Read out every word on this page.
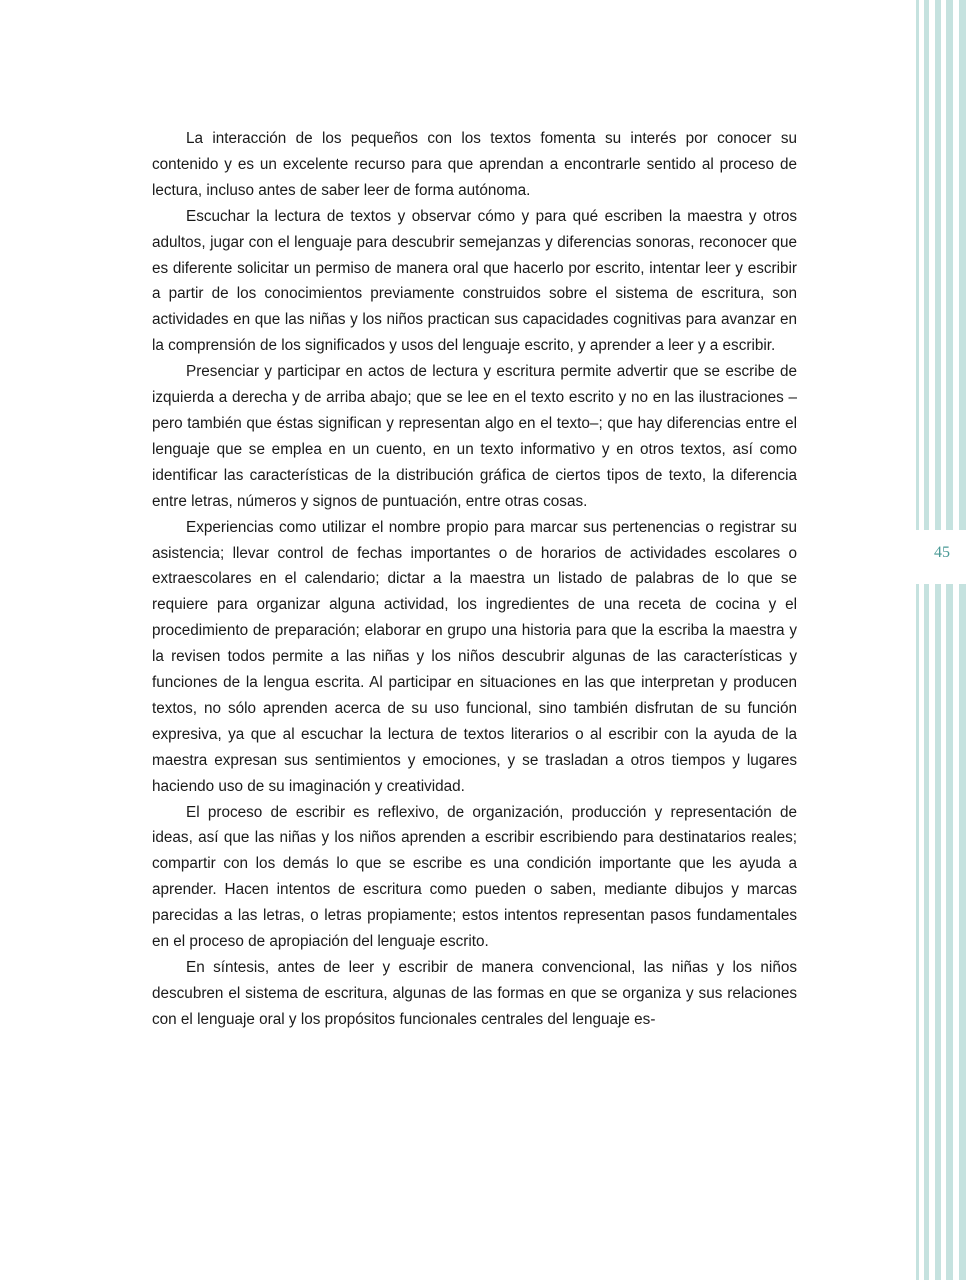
La interacción de los pequeños con los textos fomenta su interés por conocer su contenido y es un excelente recurso para que aprendan a encontrarle sentido al proceso de lectura, incluso antes de saber leer de forma autónoma.

Escuchar la lectura de textos y observar cómo y para qué escriben la maestra y otros adultos, jugar con el lenguaje para descubrir semejanzas y diferencias sonoras, reconocer que es diferente solicitar un permiso de manera oral que hacerlo por escrito, intentar leer y escribir a partir de los conocimientos previamente construidos sobre el sistema de escritura, son actividades en que las niñas y los niños practican sus capacidades cognitivas para avanzar en la comprensión de los significados y usos del lenguaje escrito, y aprender a leer y a escribir.

Presenciar y participar en actos de lectura y escritura permite advertir que se escribe de izquierda a derecha y de arriba abajo; que se lee en el texto escrito y no en las ilustraciones –pero también que éstas significan y representan algo en el texto–; que hay diferencias entre el lenguaje que se emplea en un cuento, en un texto informativo y en otros textos, así como identificar las características de la distribución gráfica de ciertos tipos de texto, la diferencia entre letras, números y signos de puntuación, entre otras cosas.

Experiencias como utilizar el nombre propio para marcar sus pertenencias o registrar su asistencia; llevar control de fechas importantes o de horarios de actividades escolares o extraescolares en el calendario; dictar a la maestra un listado de palabras de lo que se requiere para organizar alguna actividad, los ingredientes de una receta de cocina y el procedimiento de preparación; elaborar en grupo una historia para que la escriba la maestra y la revisen todos permite a las niñas y los niños descubrir algunas de las características y funciones de la lengua escrita. Al participar en situaciones en las que interpretan y producen textos, no sólo aprenden acerca de su uso funcional, sino también disfrutan de su función expresiva, ya que al escuchar la lectura de textos literarios o al escribir con la ayuda de la maestra expresan sus sentimientos y emociones, y se trasladan a otros tiempos y lugares haciendo uso de su imaginación y creatividad.

El proceso de escribir es reflexivo, de organización, producción y representación de ideas, así que las niñas y los niños aprenden a escribir escribiendo para destinatarios reales; compartir con los demás lo que se escribe es una condición importante que les ayuda a aprender. Hacen intentos de escritura como pueden o saben, mediante dibujos y marcas parecidas a las letras, o letras propiamente; estos intentos representan pasos fundamentales en el proceso de apropiación del lenguaje escrito.

En síntesis, antes de leer y escribir de manera convencional, las niñas y los niños descubren el sistema de escritura, algunas de las formas en que se organiza y sus relaciones con el lenguaje oral y los propósitos funcionales centrales del lenguaje es-

45
